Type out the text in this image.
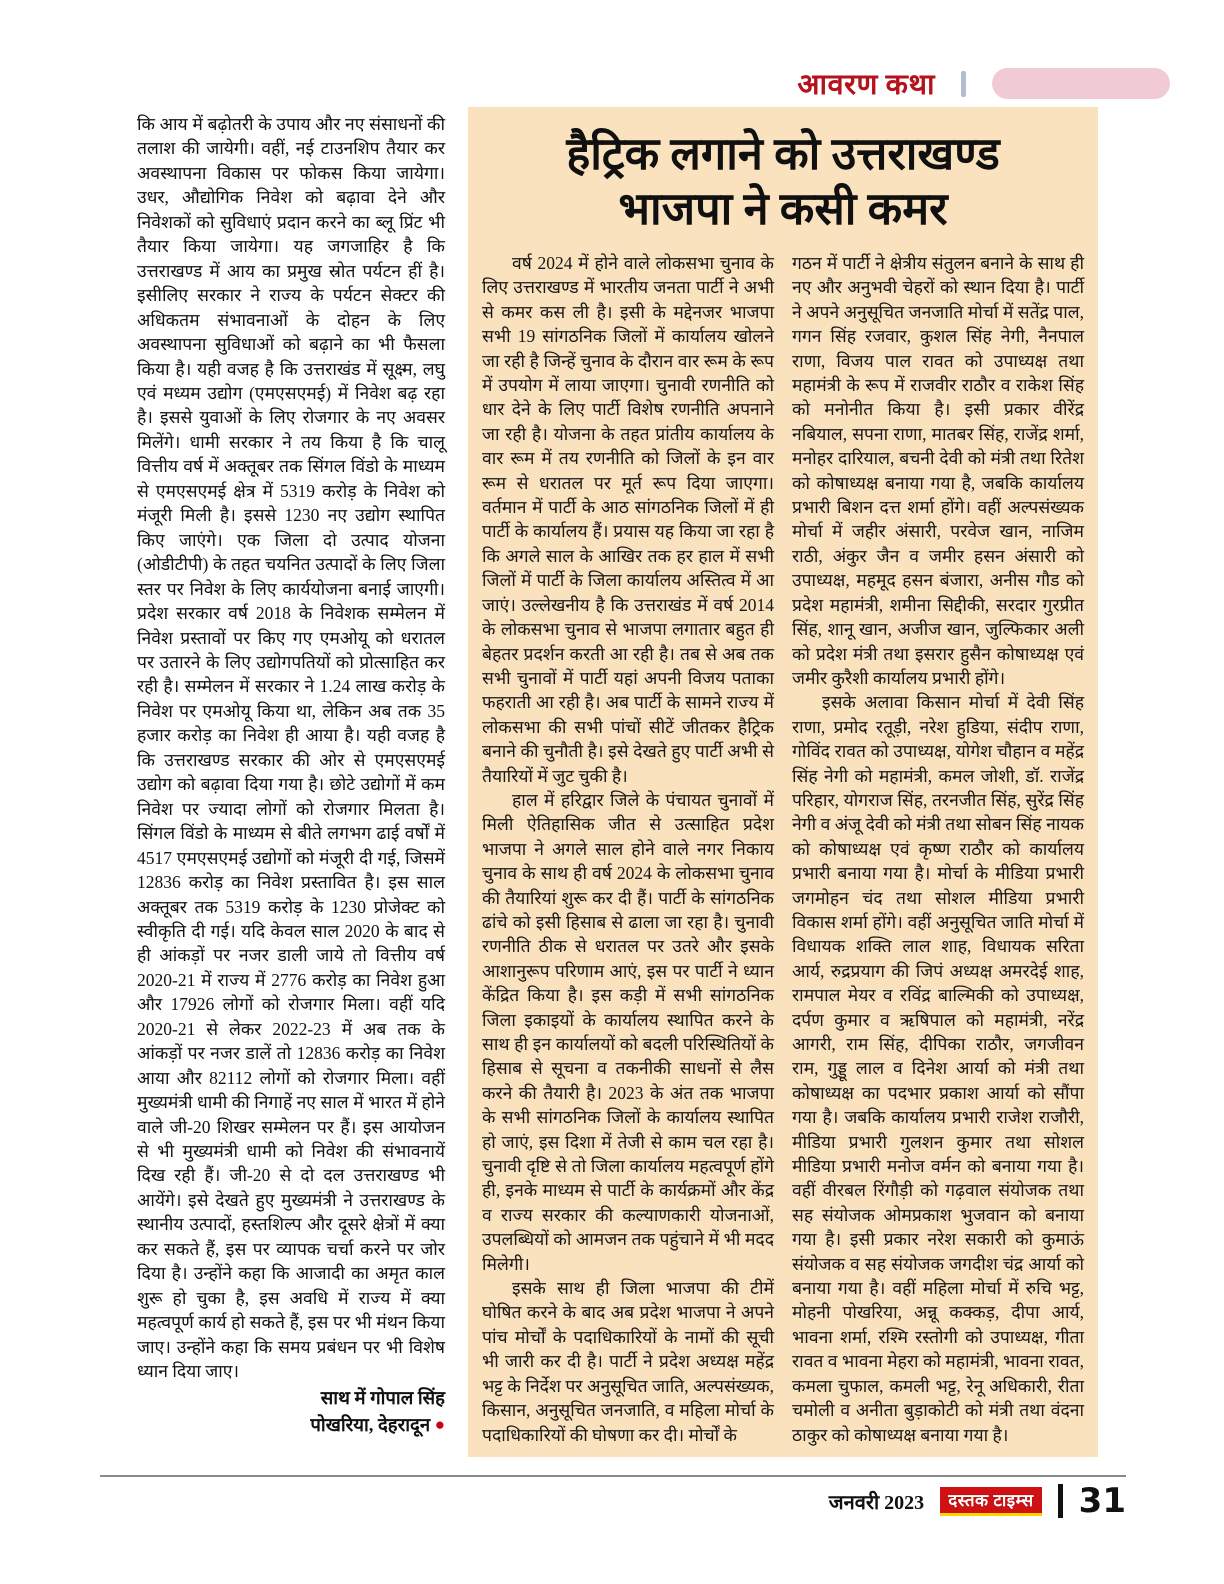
आवरण कथा
कि आय में बढ़ोतरी के उपाय और नए संसाधनों की तलाश की जायेगी। वहीं, नई टाउनशिप तैयार कर अवस्थापना विकास पर फोकस किया जायेगा। उधर, औद्योगिक निवेश को बढ़ावा देने और निवेशकों को सुविधाएं प्रदान करने का ब्लू प्रिंट भी तैयार किया जायेगा। यह जगजाहिर है कि उत्तराखण्ड में आय का प्रमुख स्रोत पर्यटन हीं है। इसीलिए सरकार ने राज्य के पर्यटन सेक्टर की अधिकतम संभावनाओं के दोहन के लिए अवस्थापना सुविधाओं को बढ़ाने का भी फैसला किया है। यही वजह है कि उत्तराखंड में सूक्ष्म, लघु एवं मध्यम उद्योग (एमएसएमई) में निवेश बढ़ रहा है। इससे युवाओं के लिए रोजगार के नए अवसर मिलेंगे। धामी सरकार ने तय किया है कि चालू वित्तीय वर्ष में अक्तूबर तक सिंगल विंडो के माध्यम से एमएसएमई क्षेत्र में 5319 करोड़ के निवेश को मंजूरी मिली है। इससे 1230 नए उद्योग स्थापित किए जाएंगे। एक जिला दो उत्पाद योजना (ओडीटीपी) के तहत चयनित उत्पादों के लिए जिला स्तर पर निवेश के लिए कार्ययोजना बनाई जाएगी। प्रदेश सरकार वर्ष 2018 के निवेशक सम्मेलन में निवेश प्रस्तावों पर किए गए एमओयू को धरातल पर उतारने के लिए उद्योगपतियों को प्रोत्साहित कर रही है। सम्मेलन में सरकार ने 1.24 लाख करोड़ के निवेश पर एमओयू किया था, लेकिन अब तक 35 हजार करोड़ का निवेश ही आया है। यही वजह है कि उत्तराखण्ड सरकार की ओर से एमएसएमई उद्योग को बढ़ावा दिया गया है। छोटे उद्योगों में कम निवेश पर ज्यादा लोगों को रोजगार मिलता है। सिंगल विंडो के माध्यम से बीते लगभग ढाई वर्षों में 4517 एमएसएमई उद्योगों को मंजूरी दी गई, जिसमें 12836 करोड़ का निवेश प्रस्तावित है। इस साल अक्तूबर तक 5319 करोड़ के 1230 प्रोजेक्ट को स्वीकृति दी गई। यदि केवल साल 2020 के बाद से ही आंकड़ों पर नजर डाली जाये तो वित्तीय वर्ष 2020-21 में राज्य में 2776 करोड़ का निवेश हुआ और 17926 लोगों को रोजगार मिला। वहीं यदि 2020-21 से लेकर 2022-23 में अब तक के आंकड़ों पर नजर डालें तो 12836 करोड़ का निवेश आया और 82112 लोगों को रोजगार मिला। वहीं मुख्यमंत्री धामी की निगाहें नए साल में भारत में होने वाले जी-20 शिखर सम्मेलन पर हैं। इस आयोजन से भी मुख्यमंत्री धामी को निवेश की संभावनायें दिख रही हैं। जी-20 से दो दल उत्तराखण्ड भी आयेंगे। इसे देखते हुए मुख्यमंत्री ने उत्तराखण्ड के स्थानीय उत्पादों, हस्तशिल्प और दूसरे क्षेत्रों में क्या कर सकते हैं, इस पर व्यापक चर्चा करने पर जोर दिया है। उन्होंने कहा कि आजादी का अमृत काल शुरू हो चुका है, इस अवधि में राज्य में क्या महत्वपूर्ण कार्य हो सकते हैं, इस पर भी मंथन किया जाए। उन्होंने कहा कि समय प्रबंधन पर भी विशेष ध्यान दिया जाए।
साथ में गोपाल सिंह
पोखरिया, देहरादून ●
हैट्रिक लगाने को उत्तराखण्ड
भाजपा ने कसी कमर

वर्ष 2024 में होने वाले लोकसभा चुनाव के लिए उत्तराखण्ड में भारतीय जनता पार्टी ने अभी से कमर कस ली है। इसी के मद्देनजर भाजपा सभी 19 सांगठनिक जिलों में कार्यालय खोलने जा रही है जिन्हें चुनाव के दौरान वार रूम के रूप में उपयोग में लाया जाएगा। चुनावी रणनीति को धार देने के लिए पार्टी विशेष रणनीति अपनाने जा रही है। योजना के तहत प्रांतीय कार्यालय के वार रूम में तय रणनीति को जिलों के इन वार रूम से धरातल पर मूर्त रूप दिया जाएगा। वर्तमान में पार्टी के आठ सांगठनिक जिलों में ही पार्टी के कार्यालय हैं। प्रयास यह किया जा रहा है कि अगले साल के आखिर तक हर हाल में सभी जिलों में पार्टी के जिला कार्यालय अस्तित्व में आ जाएं। उल्लेखनीय है कि उत्तराखंड में वर्ष 2014 के लोकसभा चुनाव से भाजपा लगातार बहुत ही बेहतर प्रदर्शन करती आ रही है। तब से अब तक सभी चुनावों में पार्टी यहां अपनी विजय पताका फहराती आ रही है। अब पार्टी के सामने राज्य में लोकसभा की सभी पांचों सीटें जीतकर हैट्रिक बनाने की चुनौती है। इसे देखते हुए पार्टी अभी से तैयारियों में जुट चुकी है।

हाल में हरिद्वार जिले के पंचायत चुनावों में मिली ऐतिहासिक जीत से उत्साहित प्रदेश भाजपा ने अगले साल होने वाले नगर निकाय चुनाव के साथ ही वर्ष 2024 के लोकसभा चुनाव की तैयारियां शुरू कर दी हैं। पार्टी के सांगठनिक ढांचे को इसी हिसाब से ढाला जा रहा है। चुनावी रणनीति ठीक से धरातल पर उतरे और इसके आशानुरूप परिणाम आएं, इस पर पार्टी ने ध्यान केंद्रित किया है। इस कड़ी में सभी सांगठनिक जिला इकाइयों के कार्यालय स्थापित करने के साथ ही इन कार्यालयों को बदली परिस्थितियों के हिसाब से सूचना व तकनीकी साधनों से लैस करने की तैयारी है। 2023 के अंत तक भाजपा के सभी सांगठनिक जिलों के कार्यालय स्थापित हो जाएं, इस दिशा में तेजी से काम चल रहा है। चुनावी दृष्टि से तो जिला कार्यालय महत्वपूर्ण होंगे ही, इनके माध्यम से पार्टी के कार्यक्रमों और केंद्र व राज्य सरकार की कल्याणकारी योजनाओं, उपलब्धियों को आमजन तक पहुंचाने में भी मदद मिलेगी।

इसके साथ ही जिला भाजपा की टीमें घोषित करने के बाद अब प्रदेश भाजपा ने अपने पांच मोर्चों के पदाधिकारियों के नामों की सूची भी जारी कर दी है। पार्टी ने प्रदेश अध्यक्ष महेंद्र भट्ट के निर्देश पर अनुसूचित जाति, अल्पसंख्यक, किसान, अनुसूचित जनजाति, व महिला मोर्चा के पदाधिकारियों की घोषणा कर दी। मोर्चों के

गठन में पार्टी ने क्षेत्रीय संतुलन बनाने के साथ ही नए और अनुभवी चेहरों को स्थान दिया है। पार्टी ने अपने अनुसूचित जनजाति मोर्चा में सतेंद्र पाल, गगन सिंह रजवार, कुशल सिंह नेगी, नैनपाल राणा, विजय पाल रावत को उपाध्यक्ष तथा महामंत्री के रूप में राजवीर राठौर व राकेश सिंह को मनोनीत किया है। इसी प्रकार वीरेंद्र नबियाल, सपना राणा, मातबर सिंह, राजेंद्र शर्मा, मनोहर दारियाल, बचनी देवी को मंत्री तथा रितेश को कोषाध्यक्ष बनाया गया है, जबकि कार्यालय प्रभारी बिशन दत्त शर्मा होंगे। वहीं अल्पसंख्यक मोर्चा में जहीर अंसारी, परवेज खान, नाजिम राठी, अंकुर जैन व जमीर हसन अंसारी को उपाध्यक्ष, महमूद हसन बंजारा, अनीस गौड को प्रदेश महामंत्री, शमीना सिद्दीकी, सरदार गुरप्रीत सिंह, शानू खान, अजीज खान, जुल्फिकार अली को प्रदेश मंत्री तथा इसरार हुसैन कोषाध्यक्ष एवं जमीर कुरैशी कार्यालय प्रभारी होंगे।

इसके अलावा किसान मोर्चा में देवी सिंह राणा, प्रमोद रतूड़ी, नरेश हुडिया, संदीप राणा, गोविंद रावत को उपाध्यक्ष, योगेश चौहान व महेंद्र सिंह नेगी को महामंत्री, कमल जोशी, डॉ. राजेंद्र परिहार, योगराज सिंह, तरनजीत सिंह, सुरेंद्र सिंह नेगी व अंजू देवी को मंत्री तथा सोबन सिंह नायक को कोषाध्यक्ष एवं कृष्ण राठौर को कार्यालय प्रभारी बनाया गया है। मोर्चा के मीडिया प्रभारी जगमोहन चंद तथा सोशल मीडिया प्रभारी विकास शर्मा होंगे। वहीं अनुसूचित जाति मोर्चा में विधायक शक्ति लाल शाह, विधायक सरिता आर्य, रुद्रप्रयाग की जिपं अध्यक्ष अमरदेई शाह, रामपाल मेयर व रविंद्र बाल्मिकी को उपाध्यक्ष, दर्पण कुमार व ऋषिपाल को महामंत्री, नरेंद्र आगरी, राम सिंह, दीपिका राठौर, जगजीवन राम, गुड्डू लाल व दिनेश आर्या को मंत्री तथा कोषाध्यक्ष का पदभार प्रकाश आर्या को सौंपा गया है। जबकि कार्यालय प्रभारी राजेश राजौरी, मीडिया प्रभारी गुलशन कुमार तथा सोशल मीडिया प्रभारी मनोज वर्मन को बनाया गया है। वहीं वीरबल रिंगौड़ी को गढ़वाल संयोजक तथा सह संयोजक ओमप्रकाश भुजवान को बनाया गया है। इसी प्रकार नरेश सकारी को कुमाऊं संयोजक व सह संयोजक जगदीश चंद्र आर्या को बनाया गया है। वहीं महिला मोर्चा में रुचि भट्ट, मोहनी पोखरिया, अन्नू कक्कड़, दीपा आर्य, भावना शर्मा, रश्मि रस्तोगी को उपाध्यक्ष, गीता रावत व भावना मेहरा को महामंत्री, भावना रावत, कमला चुफाल, कमली भट्ट, रेनू अधिकारी, रीता चमोली व अनीता बुड़ाकोटी को मंत्री तथा वंदना ठाकुर को कोषाध्यक्ष बनाया गया है।

जनवरी 2023	दस्तक टाइम्स 31
